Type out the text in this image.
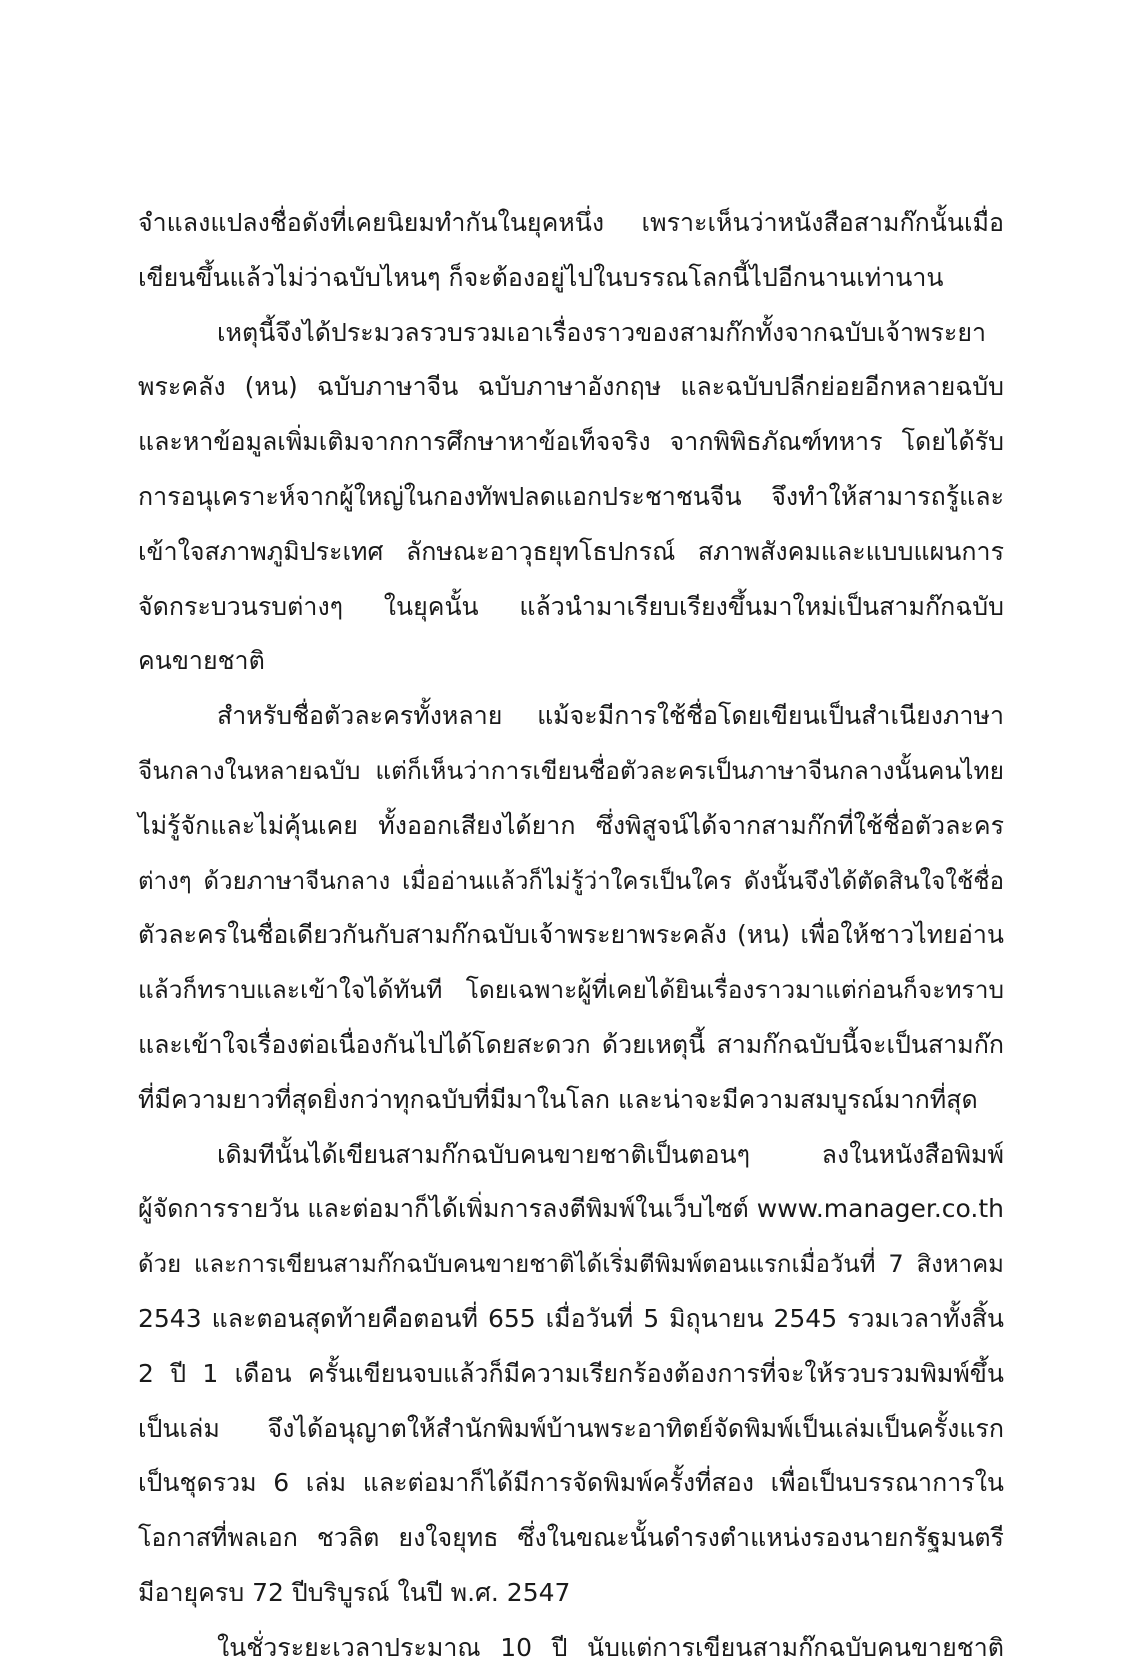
จำแลงแปลงชื่อดังที่เคยนิยมทำกันในยุคหนึ่ง เพราะเห็นว่าหนังสือสามก๊กนั้นเมื่อ
เขียนขึ้นแล้วไม่ว่าฉบับไหนๆ ก็จะต้องอยู่ไปในบรรณโลกนี้ไปอีกนานเท่านาน
เหตุนี้จึงได้ประมวลรวบรวมเอาเรื่องราวของสามก๊กทั้งจากฉบับเจ้าพระยา
พระคลัง (หน) ฉบับภาษาจีน ฉบับภาษาอังกฤษ และฉบับปลีกย่อยอีกหลายฉบับ
และหาข้อมูลเพิ่มเติมจากการศึกษาหาข้อเท็จจริง จากพิพิธภัณฑ์ทหาร โดยได้รับ
การอนุเคราะห์จากผู้ใหญ่ในกองทัพปลดแอกประชาชนจีน จึงทำให้สามารถรู้และ
เข้าใจสภาพภูมิประเทศ ลักษณะอาวุธยุทโธปกรณ์ สภาพสังคมและแบบแผนการ
จัดกระบวนรบต่างๆ ในยุคนั้น แล้วนำมาเรียบเรียงขึ้นมาใหม่เป็นสามก๊กฉบับ
คนขายชาติ
สำหรับชื่อตัวละครทั้งหลาย แม้จะมีการใช้ชื่อโดยเขียนเป็นสำเนียงภาษา
จีนกลางในหลายฉบับ แต่ก็เห็นว่าการเขียนชื่อตัวละครเป็นภาษาจีนกลางนั้นคนไทย
ไม่รู้จักและไม่คุ้นเคย ทั้งออกเสียงได้ยาก ซึ่งพิสูจน์ได้จากสามก๊กที่ใช้ชื่อตัวละคร
ต่างๆ ด้วยภาษาจีนกลาง เมื่ออ่านแล้วก็ไม่รู้ว่าใครเป็นใคร ดังนั้นจึงได้ตัดสินใจใช้ชื่อ
ตัวละครในชื่อเดียวกันกับสามก๊กฉบับเจ้าพระยาพระคลัง (หน) เพื่อให้ชาวไทยอ่าน
แล้วก็ทราบและเข้าใจได้ทันที โดยเฉพาะผู้ที่เคยได้ยินเรื่องราวมาแต่ก่อนก็จะทราบ
และเข้าใจเรื่องต่อเนื่องกันไปได้โดยสะดวก ด้วยเหตุนี้ สามก๊กฉบับนี้จะเป็นสามก๊ก
ที่มีความยาวที่สุดยิ่งกว่าทุกฉบับที่มีมาในโลก และน่าจะมีความสมบูรณ์มากที่สุด
เดิมทีนั้นได้เขียนสามก๊กฉบับคนขายชาติเป็นตอนๆ ลงในหนังสือพิมพ์
ผู้จัดการรายวัน และต่อมาก็ได้เพิ่มการลงตีพิมพ์ในเว็บไซต์ www.manager.co.th
ด้วย และการเขียนสามก๊กฉบับคนขายชาติได้เริ่มตีพิมพ์ตอนแรกเมื่อวันที่ 7 สิงหาคม
2543 และตอนสุดท้ายคือตอนที่ 655 เมื่อวันที่ 5 มิถุนายน 2545 รวมเวลาทั้งสิ้น
2 ปี 1 เดือน ครั้นเขียนจบแล้วก็มีความเรียกร้องต้องการที่จะให้รวบรวมพิมพ์ขึ้น
เป็นเล่ม จึงได้อนุญาตให้สำนักพิมพ์บ้านพระอาทิตย์จัดพิมพ์เป็นเล่มเป็นครั้งแรก
เป็นชุดรวม 6 เล่ม และต่อมาก็ได้มีการจัดพิมพ์ครั้งที่สอง เพื่อเป็นบรรณาการใน
โอกาสที่พลเอก ชวลิต ยงใจยุทธ ซึ่งในขณะนั้นดำรงตำแหน่งรองนายกรัฐมนตรี
มีอายุครบ 72 ปีบริบูรณ์ ในปี พ.ศ. 2547
ในชั่วระยะเวลาประมาณ 10 ปี นับแต่การเขียนสามก๊กฉบับคนขายชาติ
